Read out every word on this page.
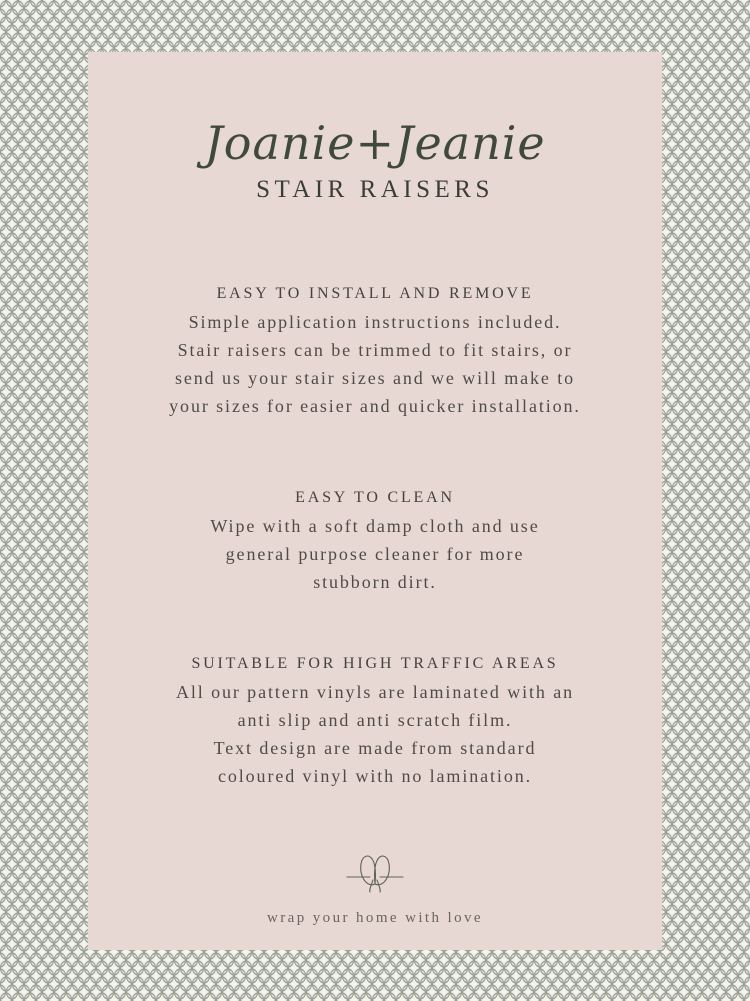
Joanie+Jeanie
STAIR RAISERS
EASY TO INSTALL AND REMOVE
Simple application instructions included.
Stair raisers can be trimmed to fit stairs, or
send us your stair sizes and we will make to
your sizes for easier and quicker installation.
EASY TO CLEAN
Wipe with a soft damp cloth and use
general purpose cleaner for more
stubborn dirt.
SUITABLE FOR HIGH TRAFFIC AREAS
All our pattern vinyls are laminated with an
anti slip and anti scratch film.
Text design are made from standard
coloured vinyl with no lamination.
wrap your home with love
